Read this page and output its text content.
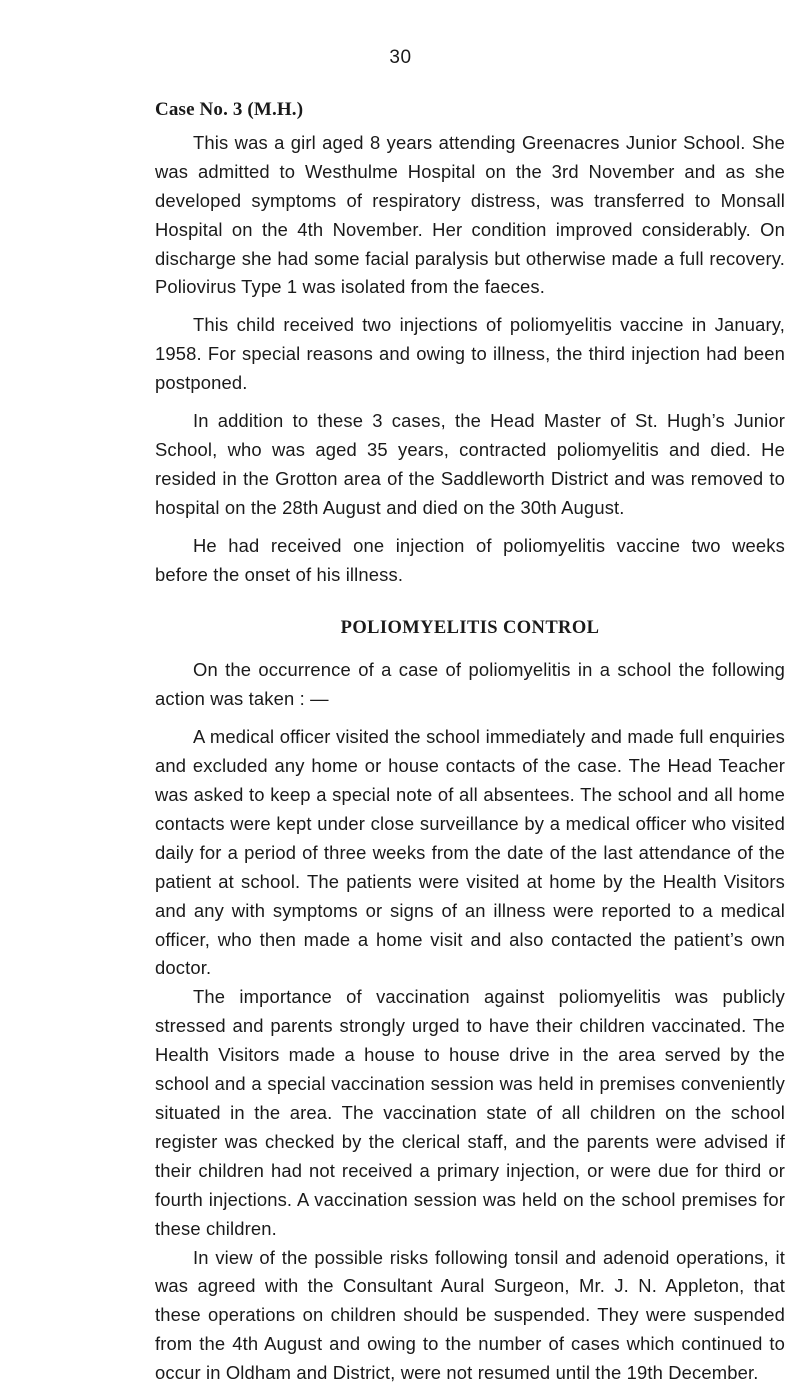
30

Case No. 3 (M.H.)

This was a girl aged 8 years attending Greenacres Junior School. She was admitted to Westhulme Hospital on the 3rd November and as she developed symptoms of respiratory distress, was transferred to Monsall Hospital on the 4th November. Her condition improved considerably. On discharge she had some facial paralysis but otherwise made a full recovery. Poliovirus Type 1 was isolated from the faeces.

This child received two injections of poliomyelitis vaccine in January, 1958. For special reasons and owing to illness, the third injection had been postponed.

In addition to these 3 cases, the Head Master of St. Hugh’s Junior School, who was aged 35 years, contracted poliomyelitis and died. He resided in the Grotton area of the Saddleworth District and was removed to hospital on the 28th August and died on the 30th August.

He had received one injection of poliomyelitis vaccine two weeks before the onset of his illness.

POLIOMYELITIS CONTROL

On the occurrence of a case of poliomyelitis in a school the following action was taken : —

A medical officer visited the school immediately and made full enquiries and excluded any home or house contacts of the case. The Head Teacher was asked to keep a special note of all absentees. The school and all home contacts were kept under close surveillance by a medical officer who visited daily for a period of three weeks from the date of the last attendance of the patient at school. The patients were visited at home by the Health Visitors and any with symptoms or signs of an illness were reported to a medical officer, who then made a home visit and also contacted the patient’s own doctor.

The importance of vaccination against poliomyelitis was publicly stressed and parents strongly urged to have their children vaccinated. The Health Visitors made a house to house drive in the area served by the school and a special vaccination session was held in premises conveniently situated in the area. The vaccination state of all children on the school register was checked by the clerical staff, and the parents were advised if their children had not received a primary injection, or were due for third or fourth injections. A vaccination session was held on the school premises for these children.

In view of the possible risks following tonsil and adenoid operations, it was agreed with the Consultant Aural Surgeon, Mr. J. N. Appleton, that these operations on children should be suspended. They were suspended from the 4th August and owing to the number of cases which continued to occur in Oldham and District, were not resumed until the 19th December.
